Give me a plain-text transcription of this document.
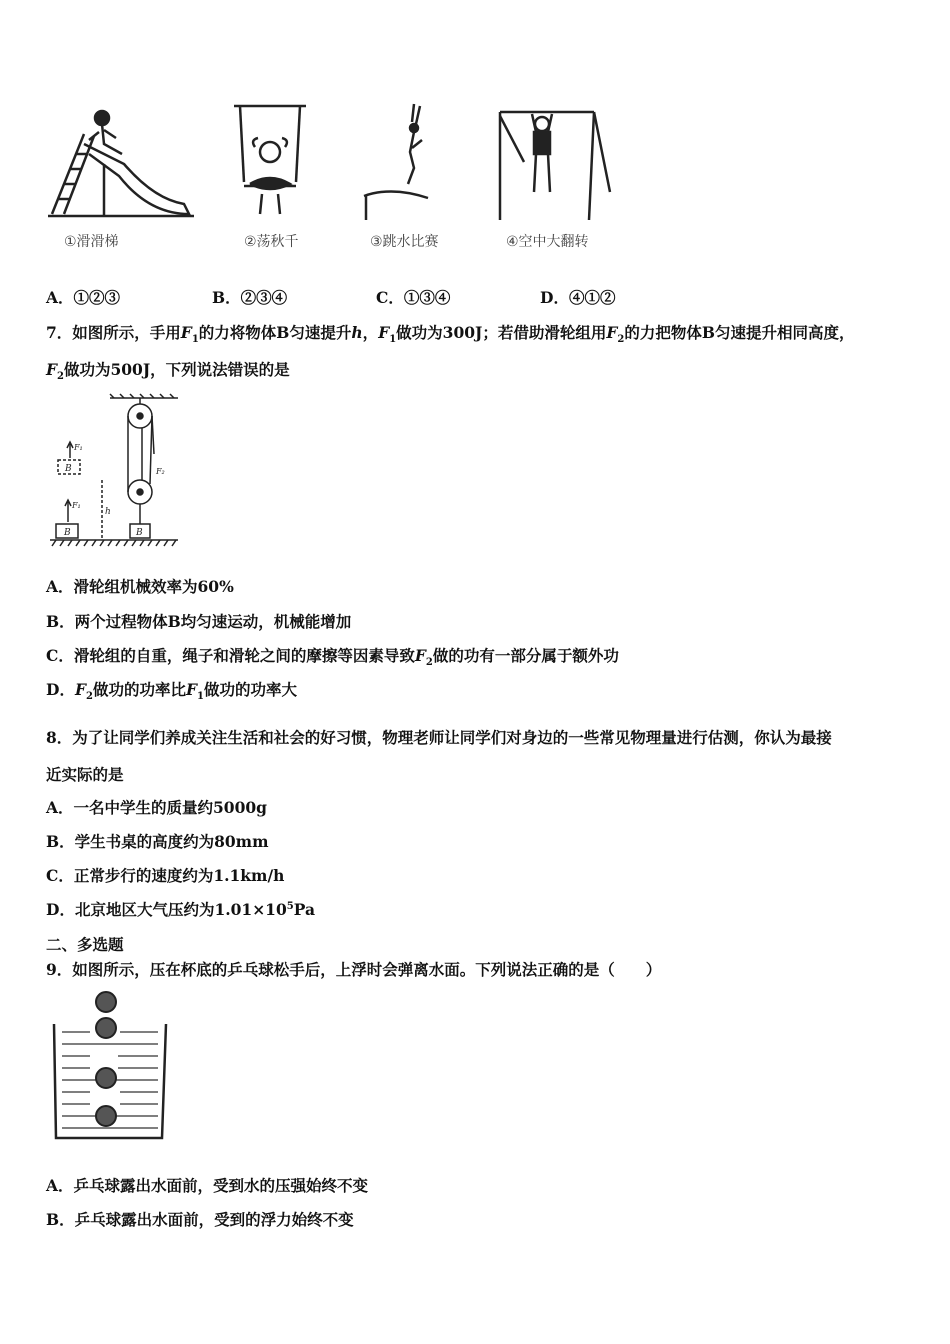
①滑滑梯	②荡秋千	③跳水比赛	④空中大翻转
A．①②③	B．②③④	C．①③④	D．④①②
7．如图所示，手用$F_1$的力将物体B匀速提升h，$F_1$做功为300J；若借助滑轮组用$F_2$的力把物体B匀速提升相同高度，
$F_2$做功为500J，下列说法错误的是
B
B
B
h
F₁
F₁
F₂
A．滑轮组机械效率为60%
B．两个过程物体B均匀速运动，机械能增加
C．滑轮组的自重，绳子和滑轮之间的摩擦等因素导致$F_2$做的功有一部分属于额外功
D．$F_2$做功的功率比$F_1$做功的功率大
8．为了让同学们养成关注生活和社会的好习惯，物理老师让同学们对身边的一些常见物理量进行估测，你认为最接
近实际的是
A．一名中学生的质量约5000g
B．学生书桌的高度约为80mm
C．正常步行的速度约为1.1km/h
D．北京地区大气压约为$1.01\times 10^5Pa$
二、多选题
9．如图所示，压在杯底的乒乓球松手后，上浮时会弹离水面。下列说法正确的是（　　）
A．乒乓球露出水面前，受到水的压强始终不变
B．乒乓球露出水面前，受到的浮力始终不变
